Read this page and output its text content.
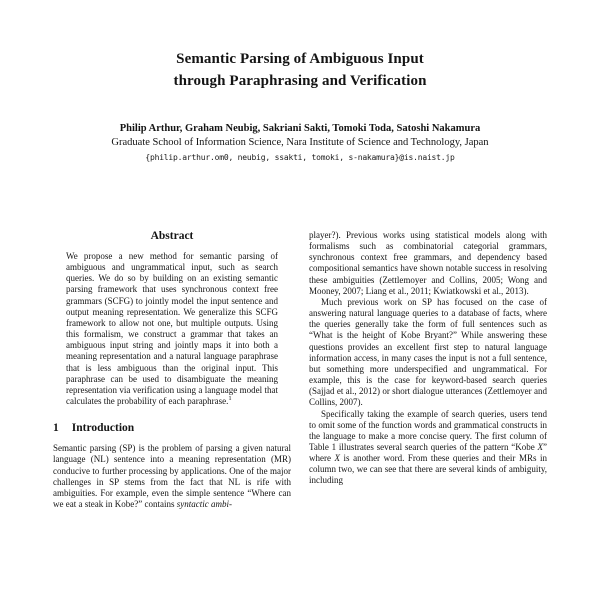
Semantic Parsing of Ambiguous Input
through Paraphrasing and Verification
Philip Arthur, Graham Neubig, Sakriani Sakti, Tomoki Toda, Satoshi Nakamura
Graduate School of Information Science, Nara Institute of Science and Technology, Japan
{philip.arthur.om0, neubig, ssakti, tomoki, s-nakamura}@is.naist.jp
Abstract

We propose a new method for semantic parsing of ambiguous and ungrammatical input, such as search queries. We do so by building on an existing semantic parsing framework that uses synchronous context free grammars (SCFG) to jointly model the input sentence and output meaning representation. We generalize this SCFG framework to allow not one, but multiple outputs. Using this formalism, we construct a grammar that takes an ambiguous input string and jointly maps it into both a meaning representation and a natural language paraphrase that is less ambiguous than the original input. This paraphrase can be used to disambiguate the meaning representation via verification using a language model that calculates the probability of each paraphrase.$^1$

1 Introduction

Semantic parsing (SP) is the problem of parsing a given natural language (NL) sentence into a meaning representation (MR) conducive to further processing by applications. One of the major challenges in SP stems from the fact that NL is rife with ambiguities. For example, even the simple sentence “Where can we eat a steak in Kobe?” contains syntactic ambi-

player?). Previous works using statistical models along with formalisms such as combinatorial categorial grammars, synchronous context free grammars, and dependency based compositional semantics have shown notable success in resolving these ambiguities (Zettlemoyer and Collins, 2005; Wong and Mooney, 2007; Liang et al., 2011; Kwiatkowski et al., 2013).

Much previous work on SP has focused on the case of answering natural language queries to a database of facts, where the queries generally take the form of full sentences such as “What is the height of Kobe Bryant?” While answering these questions provides an excellent first step to natural language information access, in many cases the input is not a full sentence, but something more underspecified and ungrammatical. For example, this is the case for keyword-based search queries (Sajjad et al., 2012) or short dialogue utterances (Zettlemoyer and Collins, 2007).

Specifically taking the example of search queries, users tend to omit some of the function words and grammatical constructs in the language to make a more concise query. The first column of Table 1 illustrates several search queries of the pattern “Kobe X” where X is another word. From these queries and their MRs in column two, we can see that there are several kinds of ambiguity, including
